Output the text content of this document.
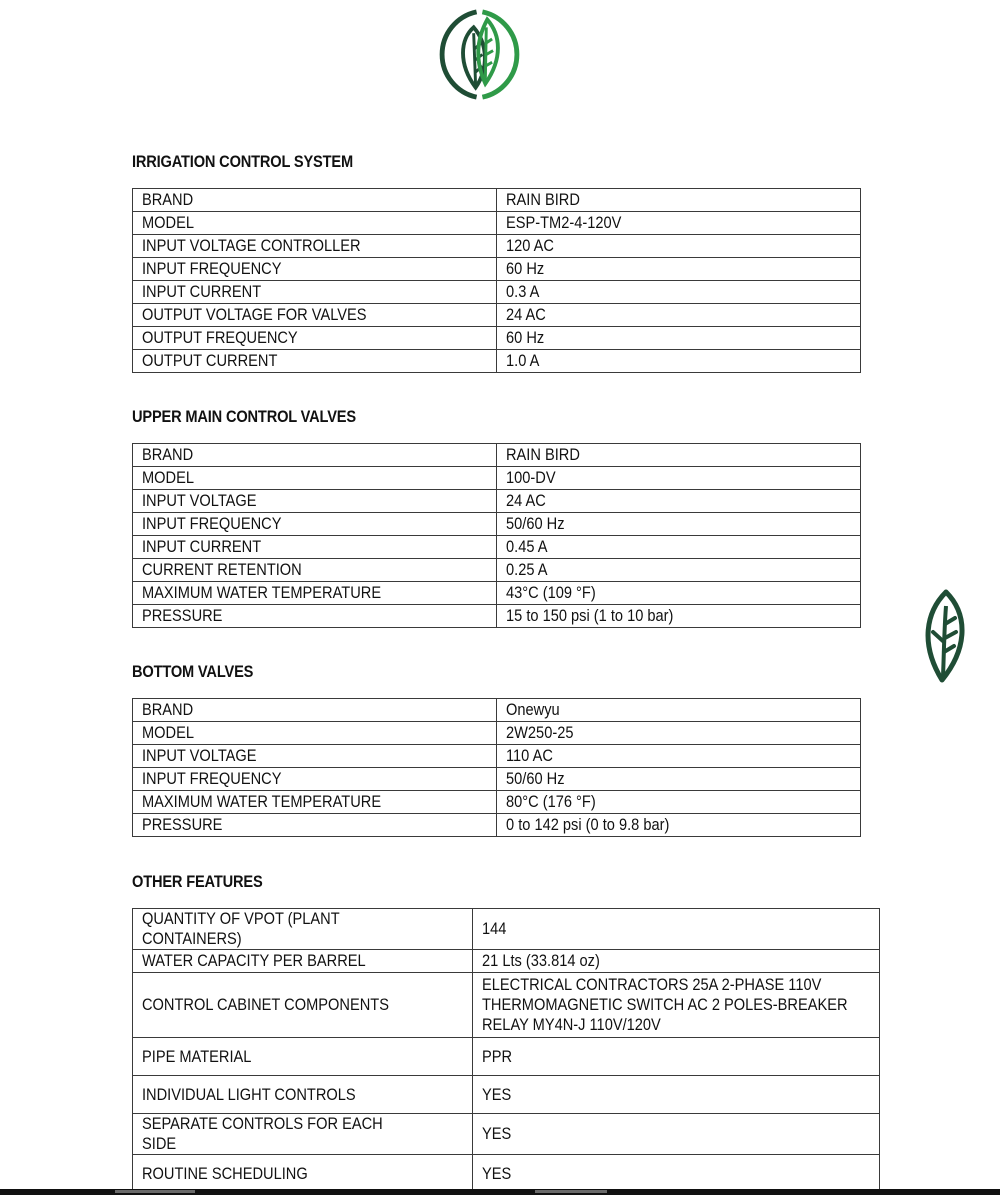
IRRIGATION CONTROL SYSTEM
BRAND	RAIN BIRD
MODEL	ESP-TM2-4-120V
INPUT VOLTAGE CONTROLLER	120 AC
INPUT FREQUENCY	60 Hz
INPUT CURRENT	0.3 A
OUTPUT VOLTAGE FOR VALVES	24 AC
OUTPUT FREQUENCY	60 Hz
OUTPUT CURRENT	1.0 A
UPPER MAIN CONTROL VALVES
BRAND	RAIN BIRD
MODEL	100-DV
INPUT VOLTAGE	24 AC
INPUT FREQUENCY	50/60 Hz
INPUT CURRENT	0.45 A
CURRENT RETENTION	0.25 A
MAXIMUM WATER TEMPERATURE	43°C (109 °F)
PRESSURE	15 to 150 psi (1 to 10 bar)
BOTTOM VALVES
BRAND	Onewyu
MODEL	2W250-25
INPUT VOLTAGE	110 AC
INPUT FREQUENCY	50/60 Hz
MAXIMUM WATER TEMPERATURE	80°C (176 °F)
PRESSURE	0 to 142 psi (0 to 9.8 bar)
OTHER FEATURES
QUANTITY OF VPOT (PLANT CONTAINERS)	144
WATER CAPACITY PER BARREL	21 Lts (33.814 oz)
CONTROL CABINET COMPONENTS	ELECTRICAL CONTRACTORS 25A 2-PHASE 110V
THERMOMAGNETIC SWITCH AC 2 POLES-BREAKER
RELAY MY4N-J 110V/120V

PIPE MATERIAL	PPR
INDIVIDUAL LIGHT CONTROLS	YES
SEPARATE CONTROLS FOR EACH SIDE	YES
ROUTINE SCHEDULING	YES
